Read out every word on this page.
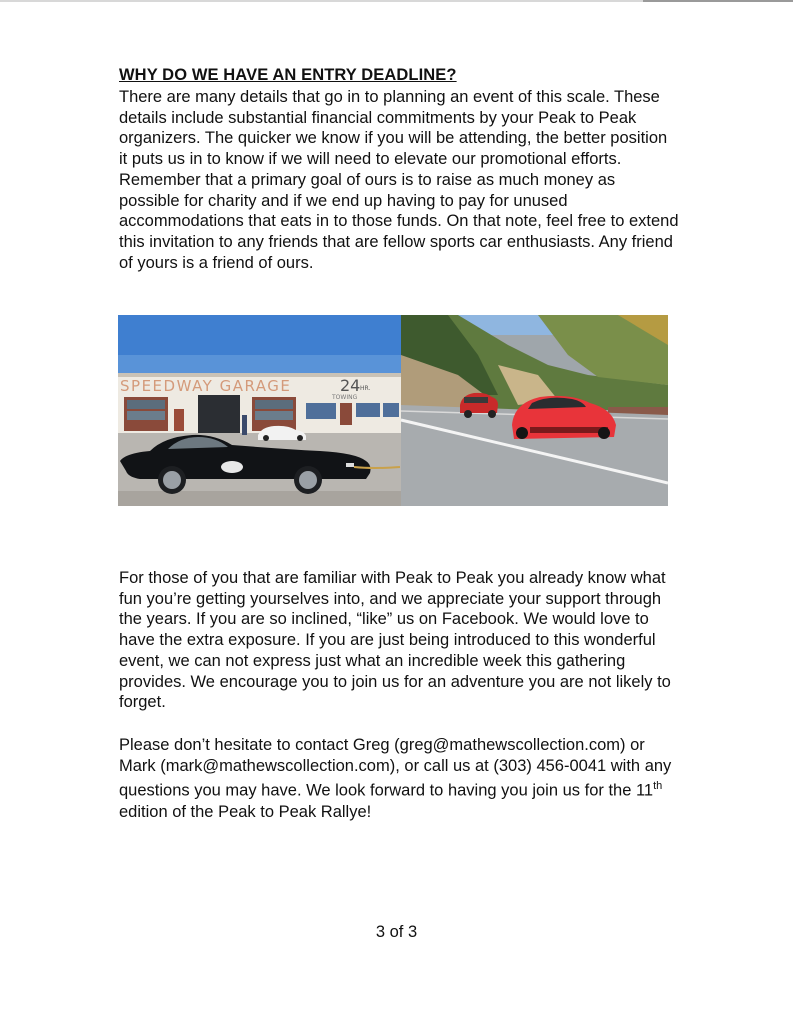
WHY DO WE HAVE AN ENTRY DEADLINE?

There are many details that go in to planning an event of this scale. These details include substantial financial commitments by your Peak to Peak organizers. The quicker we know if you will be attending, the better position it puts us in to know if we will need to elevate our promotional efforts. Remember that a primary goal of ours is to raise as much money as possible for charity and if we end up having to pay for unused accommodations that eats in to those funds. On that note, feel free to extend this invitation to any friends that are fellow sports car enthusiasts. Any friend of yours is a friend of ours.

SPEEDWAY GARAGE	24 HR.
TOWING

For those of you that are familiar with Peak to Peak you already know what fun you’re getting yourselves into, and we appreciate your support through the years. If you are so inclined, “like” us on Facebook. We would love to have the extra exposure. If you are just being introduced to this wonderful event, we can not express just what an incredible week this gathering provides. We encourage you to join us for an adventure you are not likely to forget.

Please don’t hesitate to contact Greg (greg@mathewscollection.com) or Mark (mark@mathewscollection.com), or call us at (303) 456-0041 with any questions you may have. We look forward to having you join us for the 11th edition of the Peak to Peak Rallye!

3 of 3
